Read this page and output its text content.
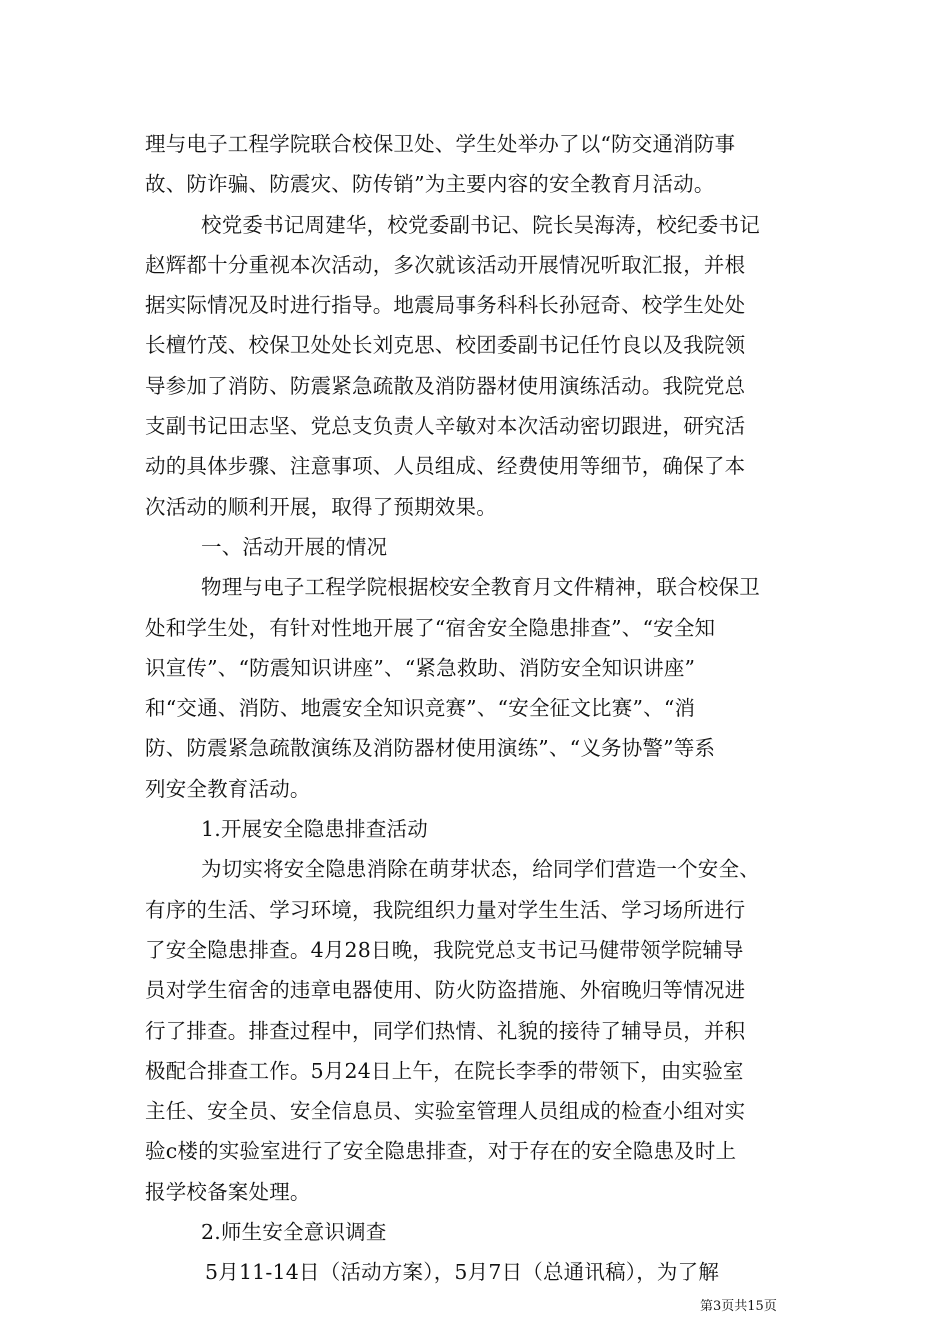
理与电子工程学院联合校保卫处、学生处举办了以“防交通消防事
故、防诈骗、防震灾、防传销”为主要内容的安全教育月活动。
校党委书记周建华，校党委副书记、院长吴海涛，校纪委书记
赵辉都十分重视本次活动，多次就该活动开展情况听取汇报，并根
据实际情况及时进行指导。地震局事务科科长孙冠奇、校学生处处
长檀竹茂、校保卫处处长刘克思、校团委副书记任竹良以及我院领
导参加了消防、防震紧急疏散及消防器材使用演练活动。我院党总
支副书记田志坚、党总支负责人辛敏对本次活动密切跟进，研究活
动的具体步骤、注意事项、人员组成、经费使用等细节，确保了本
次活动的顺利开展，取得了预期效果。
一、活动开展的情况
物理与电子工程学院根据校安全教育月文件精神，联合校保卫
处和学生处，有针对性地开展了“宿舍安全隐患排查”、“安全知
识宣传”、“防震知识讲座”、“紧急救助、消防安全知识讲座”
和“交通、消防、地震安全知识竞赛”、“安全征文比赛”、“消
防、防震紧急疏散演练及消防器材使用演练”、“义务协警”等系
列安全教育活动。
1.开展安全隐患排查活动
为切实将安全隐患消除在萌芽状态，给同学们营造一个安全、
有序的生活、学习环境，我院组织力量对学生生活、学习场所进行
了安全隐患排查。4月28日晚，我院党总支书记马健带领学院辅导
员对学生宿舍的违章电器使用、防火防盗措施、外宿晚归等情况进
行了排查。排查过程中，同学们热情、礼貌的接待了辅导员，并积
极配合排查工作。5月24日上午，在院长李季的带领下，由实验室
主任、安全员、安全信息员、实验室管理人员组成的检查小组对实
验c楼的实验室进行了安全隐患排查，对于存在的安全隐患及时上
报学校备案处理。
2.师生安全意识调查
5月11-14日（活动方案），5月7日（总通讯稿），为了解
第3页共15页
